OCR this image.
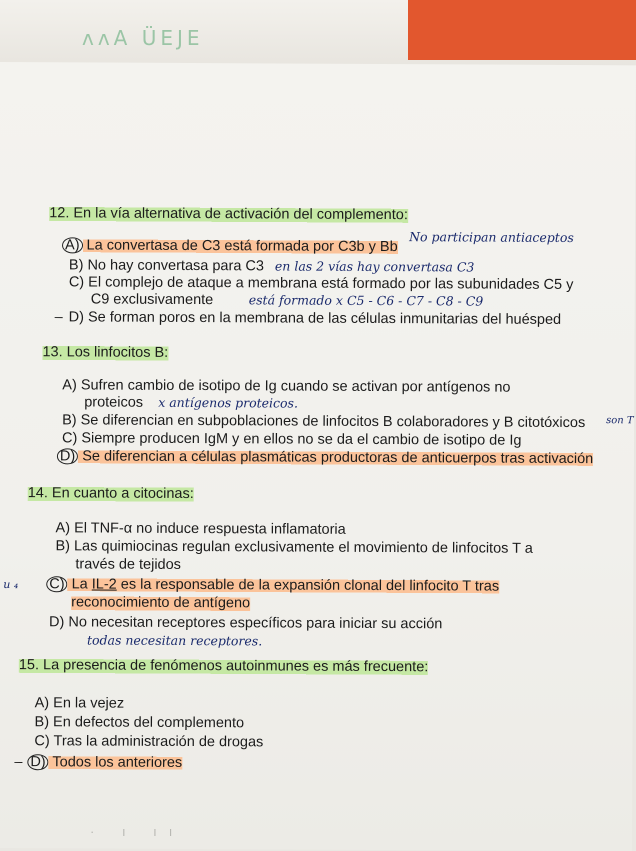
ᴧᴧA ÜEJE
12. En la vía alternativa de activación del complemento:
A) La convertasa de C3 está formada por C3b y Bb
No participan antiaceptos
B) No hay convertasa para C3 en las 2 vías hay convertasa C3
C) El complejo de ataque a membrana está formado por las subunidades C5 y
C9 exclusivamente	está formado x C5 - C6 - C7 - C8 - C9
– D) Se forman poros en la membrana de las células inmunitarias del huésped
13. Los linfocitos B:
A) Sufren cambio de isotipo de Ig cuando se activan por antígenos no
proteicos x antígenos proteicos.
B) Se diferencian en subpoblaciones de linfocitos B colaboradores y B citotóxicos son T
C) Siempre producen IgM y en ellos no se da el cambio de isotipo de Ig
D) Se diferencian a células plasmáticas productoras de anticuerpos tras activación
14. En cuanto a citocinas:
A) El TNF-α no induce respuesta inflamatoria
B) Las quimiocinas regulan exclusivamente el movimiento de linfocitos T a
través de tejidos
u ₄ C) La IL-2 es la responsable de la expansión clonal del linfocito T tras
reconocimiento de antígeno
D) No necesitan receptores específicos para iniciar su acción
todas necesitan receptores.
15. La presencia de fenómenos autoinmunes es más frecuente:
A) En la vejez
B) En defectos del complemento
C) Tras la administración de drogas
– D) Todos los anteriores
· ı ıı
